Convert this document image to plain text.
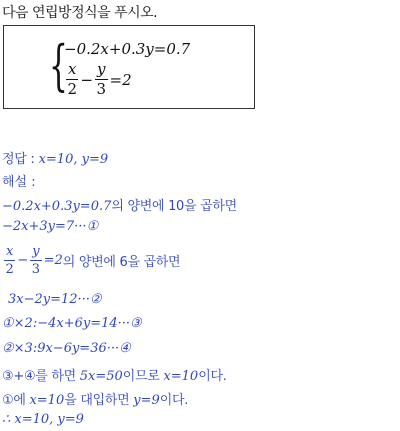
다음 연립방정식을 푸시오.
{
−0.2x+0.3y=0.7
$\frac{x}{2} - \frac{y}{3} =2$
정답 : x=10, y=9
해설 :
−0.2x+0.3y=0.7의 양변에 10을 곱하면
−2x+3y=7···①
$\frac{x}{2} - \frac{y}{3} =2$ 의 양변에 6을 곱하면
3x−2y=12···②
①×2:−4x+6y=14···③
②×3:9x−6y=36···④
③+④를 하면 5x=50이므로 x=10이다.
①에 x=10을 대입하면 y=9이다.
∴ x=10, y=9
